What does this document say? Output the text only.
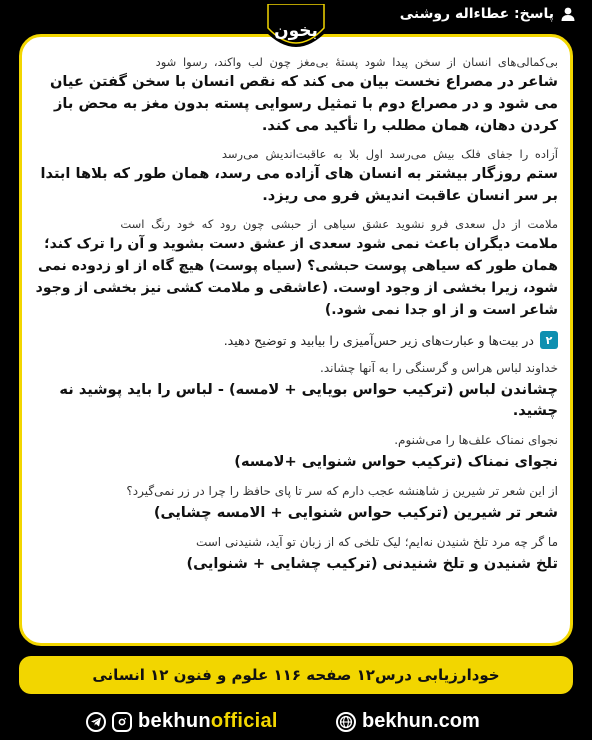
پاسخ: عطاءاله روشنی
بخون
بی‌کمالی‌های انسان از سخن پیدا شود پستهٔ بی‌مغز چون لب واکند، رسوا شود
شاعر در مصراع نخست بیان می کند که نقص انسان با سخن گفتن عیان می شود و در مصراع دوم با تمثیل رسوایی پسته بدون مغز به محض باز کردن دهان، همان مطلب را تأکید می کند.
آزاده را جفای فلک بیش می‌رسد اول بلا به عاقبت‌اندیش می‌رسد
ستم روزگار بیشتر به انسان های آزاده می رسد، همان طور که بلاها ابتدا بر سر انسان عاقبت اندیش فرو می ریزد.
ملامت از دل سعدی فرو نشوید عشق سیاهی از حبشی چون رود که خود رنگ است
ملامت دیگران باعث نمی شود سعدی از عشق دست بشوید و آن را ترک کند؛ همان طور که سیاهی پوست حبشی؟ (سیاه پوست) هیچ گاه از او زدوده نمی شود، زیرا بخشی از وجود اوست. (عاشقی و ملامت کشی نیز بخشی از وجود شاعر است و از او جدا نمی شود.)
۲
در بیت‌ها و عبارت‌های زیر حس‌آمیزی را بیابید و توضیح دهید.
خداوند لباس هراس و گرسنگی را به آنها چشاند.
چشاندن لباس (ترکیب حواس بویایی + لامسه) - لباس را باید پوشید نه چشید.
نجوای نمناک علف‌ها را می‌شنوم.
نجوای نمناک (ترکیب حواس شنوایی +لامسه)
از این شعر تر شیرین ز شاهنشه عجب دارم که سر تا پای حافظ را چرا در زر نمی‌گیرد؟
شعر تر شیرین (ترکیب حواس شنوایی + الامسه چشایی)
ما گر چه مرد تلخ شنیدن نه‌ایم؛ لیک تلخی که از زبان تو آید، شنیدنی است
تلخ شنیدن و تلخ شنیدنی (ترکیب چشایی + شنوایی)
خودارزیابی درس۱۲ صفحه ۱۱۶ علوم و فنون ۱۲ انسانی
bekhunofficial	bekhun.com
